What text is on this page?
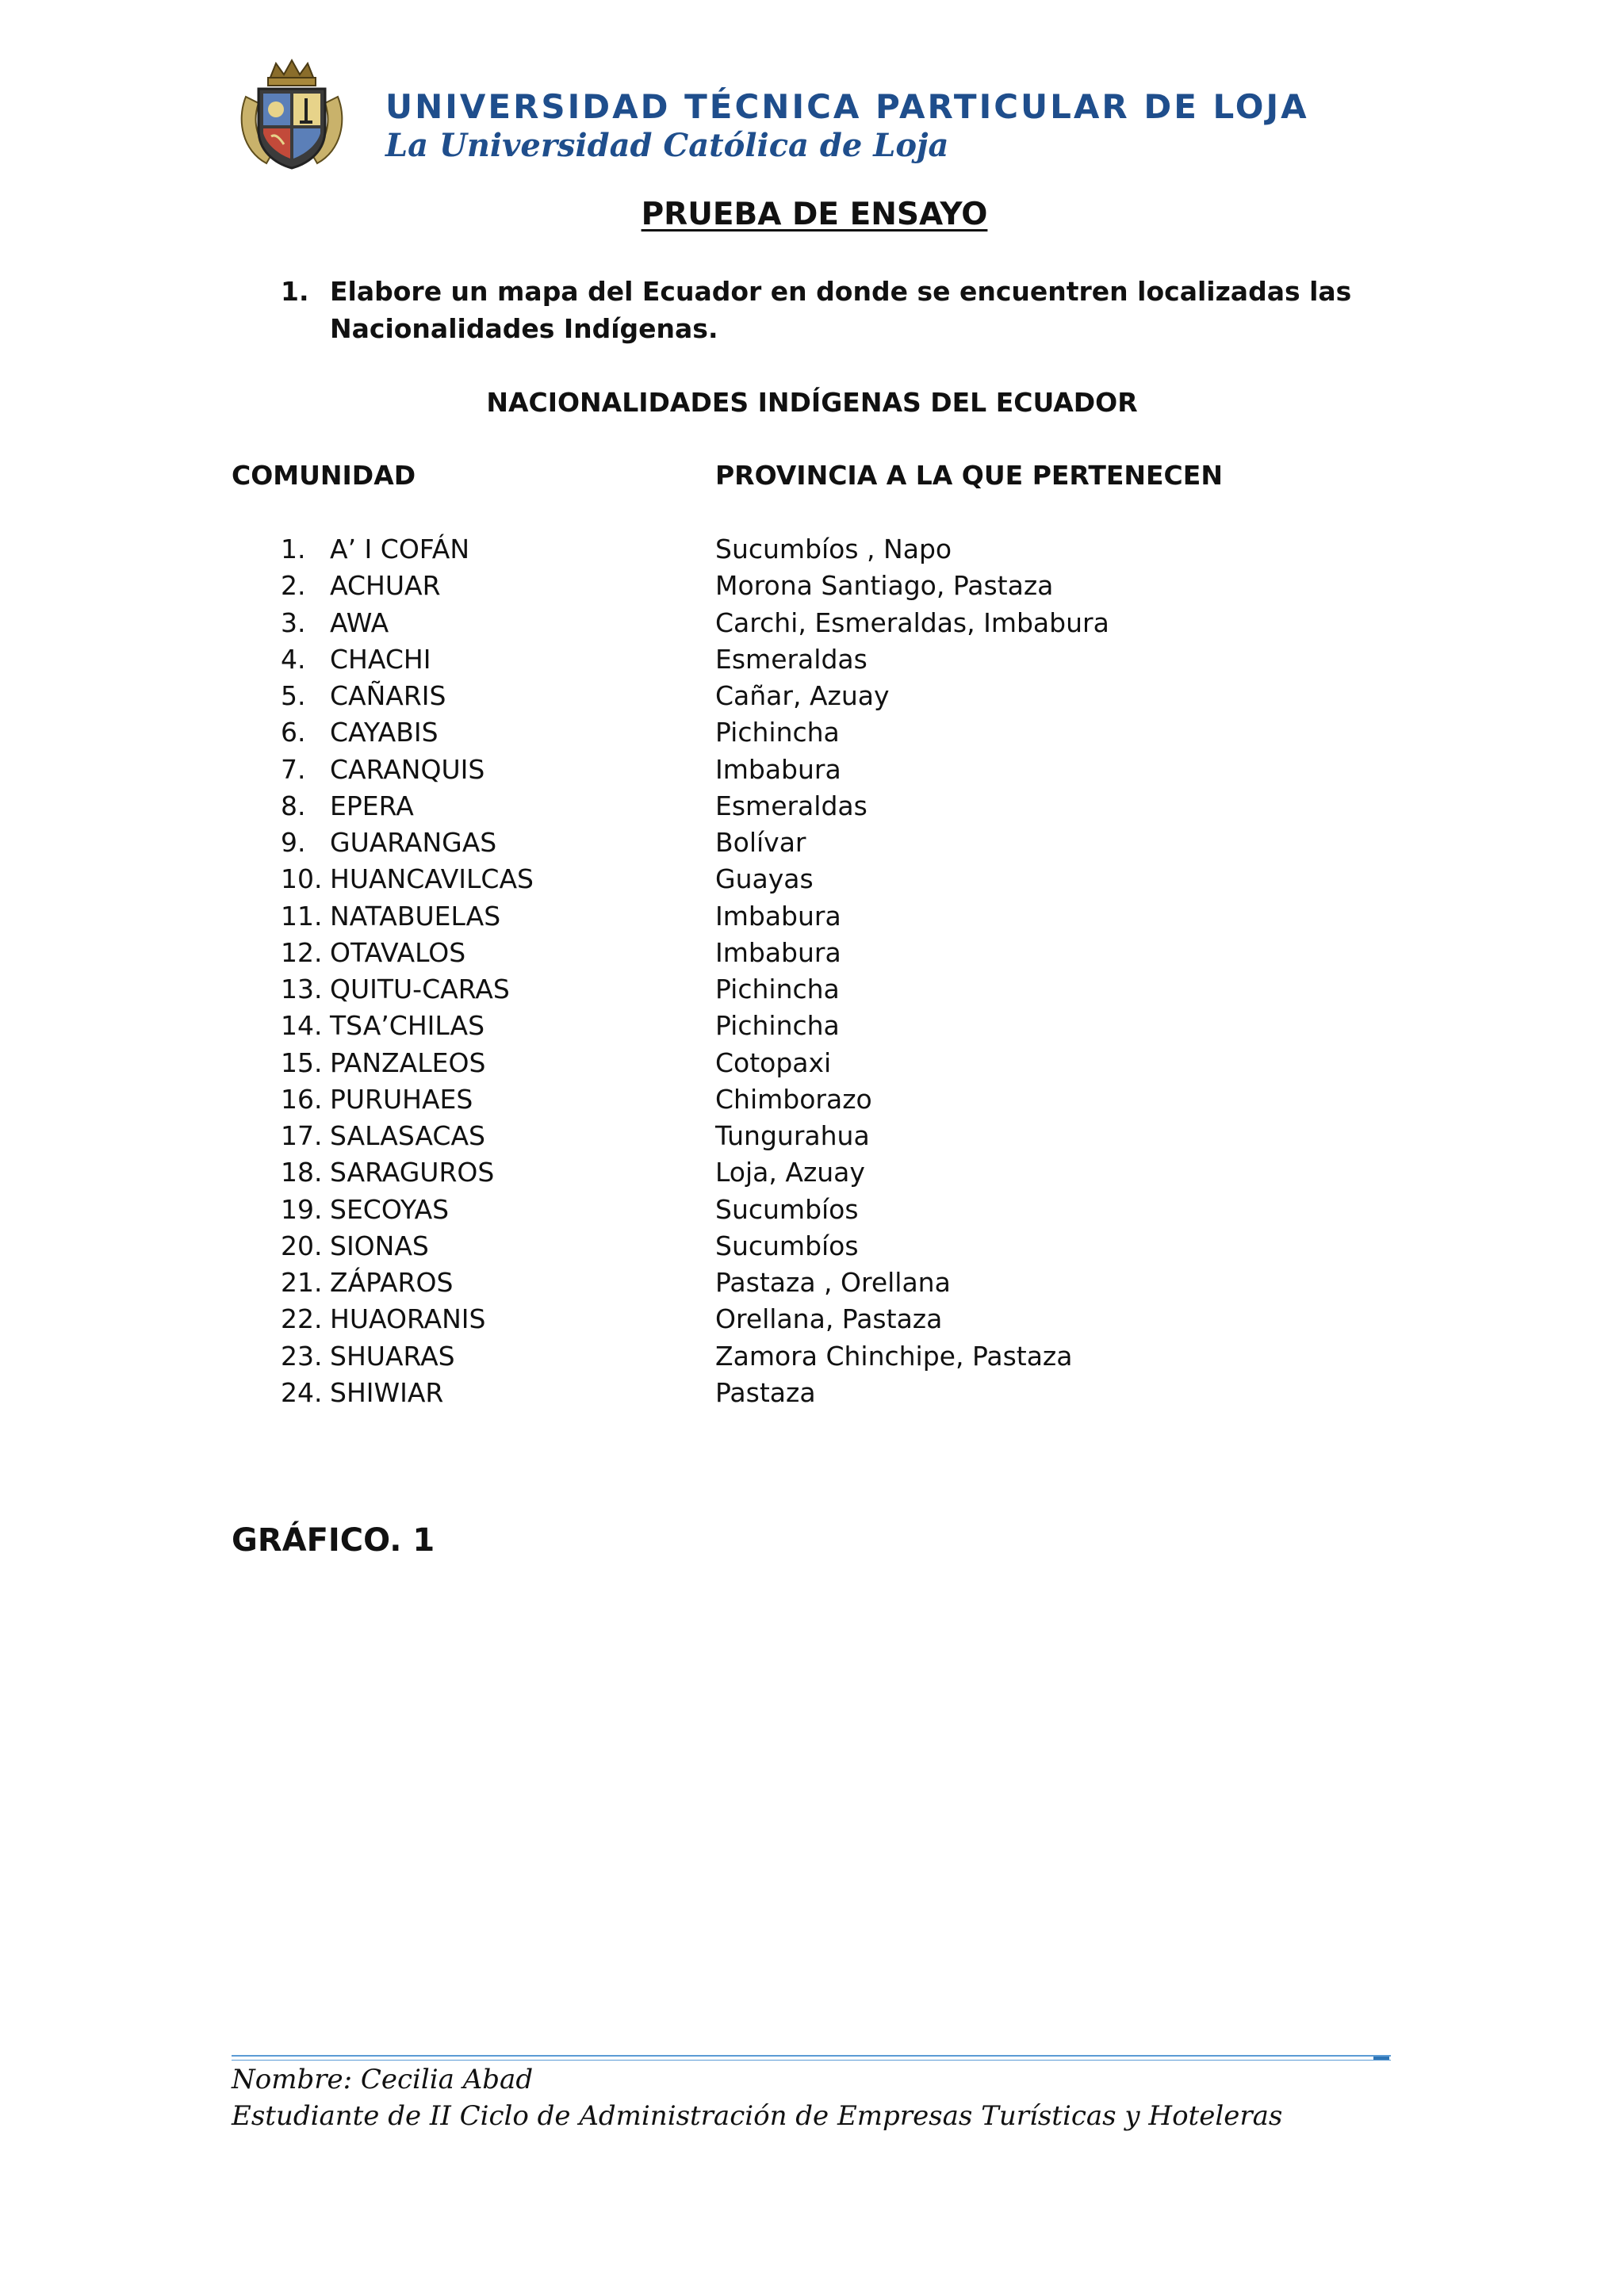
UNIVERSIDAD TÉCNICA PARTICULAR DE LOJA
La Universidad Católica de Loja
PRUEBA DE ENSAYO
1. Elabore un mapa del Ecuador en donde se encuentren localizadas las Nacionalidades Indígenas.
NACIONALIDADES INDÍGENAS DEL ECUADOR
COMUNIDAD	PROVINCIA A LA QUE PERTENECEN
1. A’ I COFÁN	Sucumbíos , Napo
2. ACHUAR	Morona Santiago, Pastaza
3. AWA	Carchi, Esmeraldas, Imbabura
4. CHACHI	Esmeraldas
5. CAÑARIS	Cañar, Azuay
6. CAYABIS	Pichincha
7. CARANQUIS	Imbabura
8. EPERA	Esmeraldas
9. GUARANGAS	Bolívar
10. HUANCAVILCAS	Guayas
11. NATABUELAS	Imbabura
12. OTAVALOS	Imbabura
13. QUITU-CARAS	Pichincha
14. TSA’CHILAS	Pichincha
15. PANZALEOS	Cotopaxi
16. PURUHAES	Chimborazo
17. SALASACAS	Tungurahua
18. SARAGUROS	Loja, Azuay
19. SECOYAS	Sucumbíos
20. SIONAS	Sucumbíos
21. ZÁPAROS	Pastaza , Orellana
22. HUAORANIS	Orellana, Pastaza
23. SHUARAS	Zamora Chinchipe, Pastaza
24. SHIWIAR	Pastaza
GRÁFICO. 1
Nombre: Cecilia Abad
Estudiante de II Ciclo de Administración de Empresas Turísticas y Hoteleras
